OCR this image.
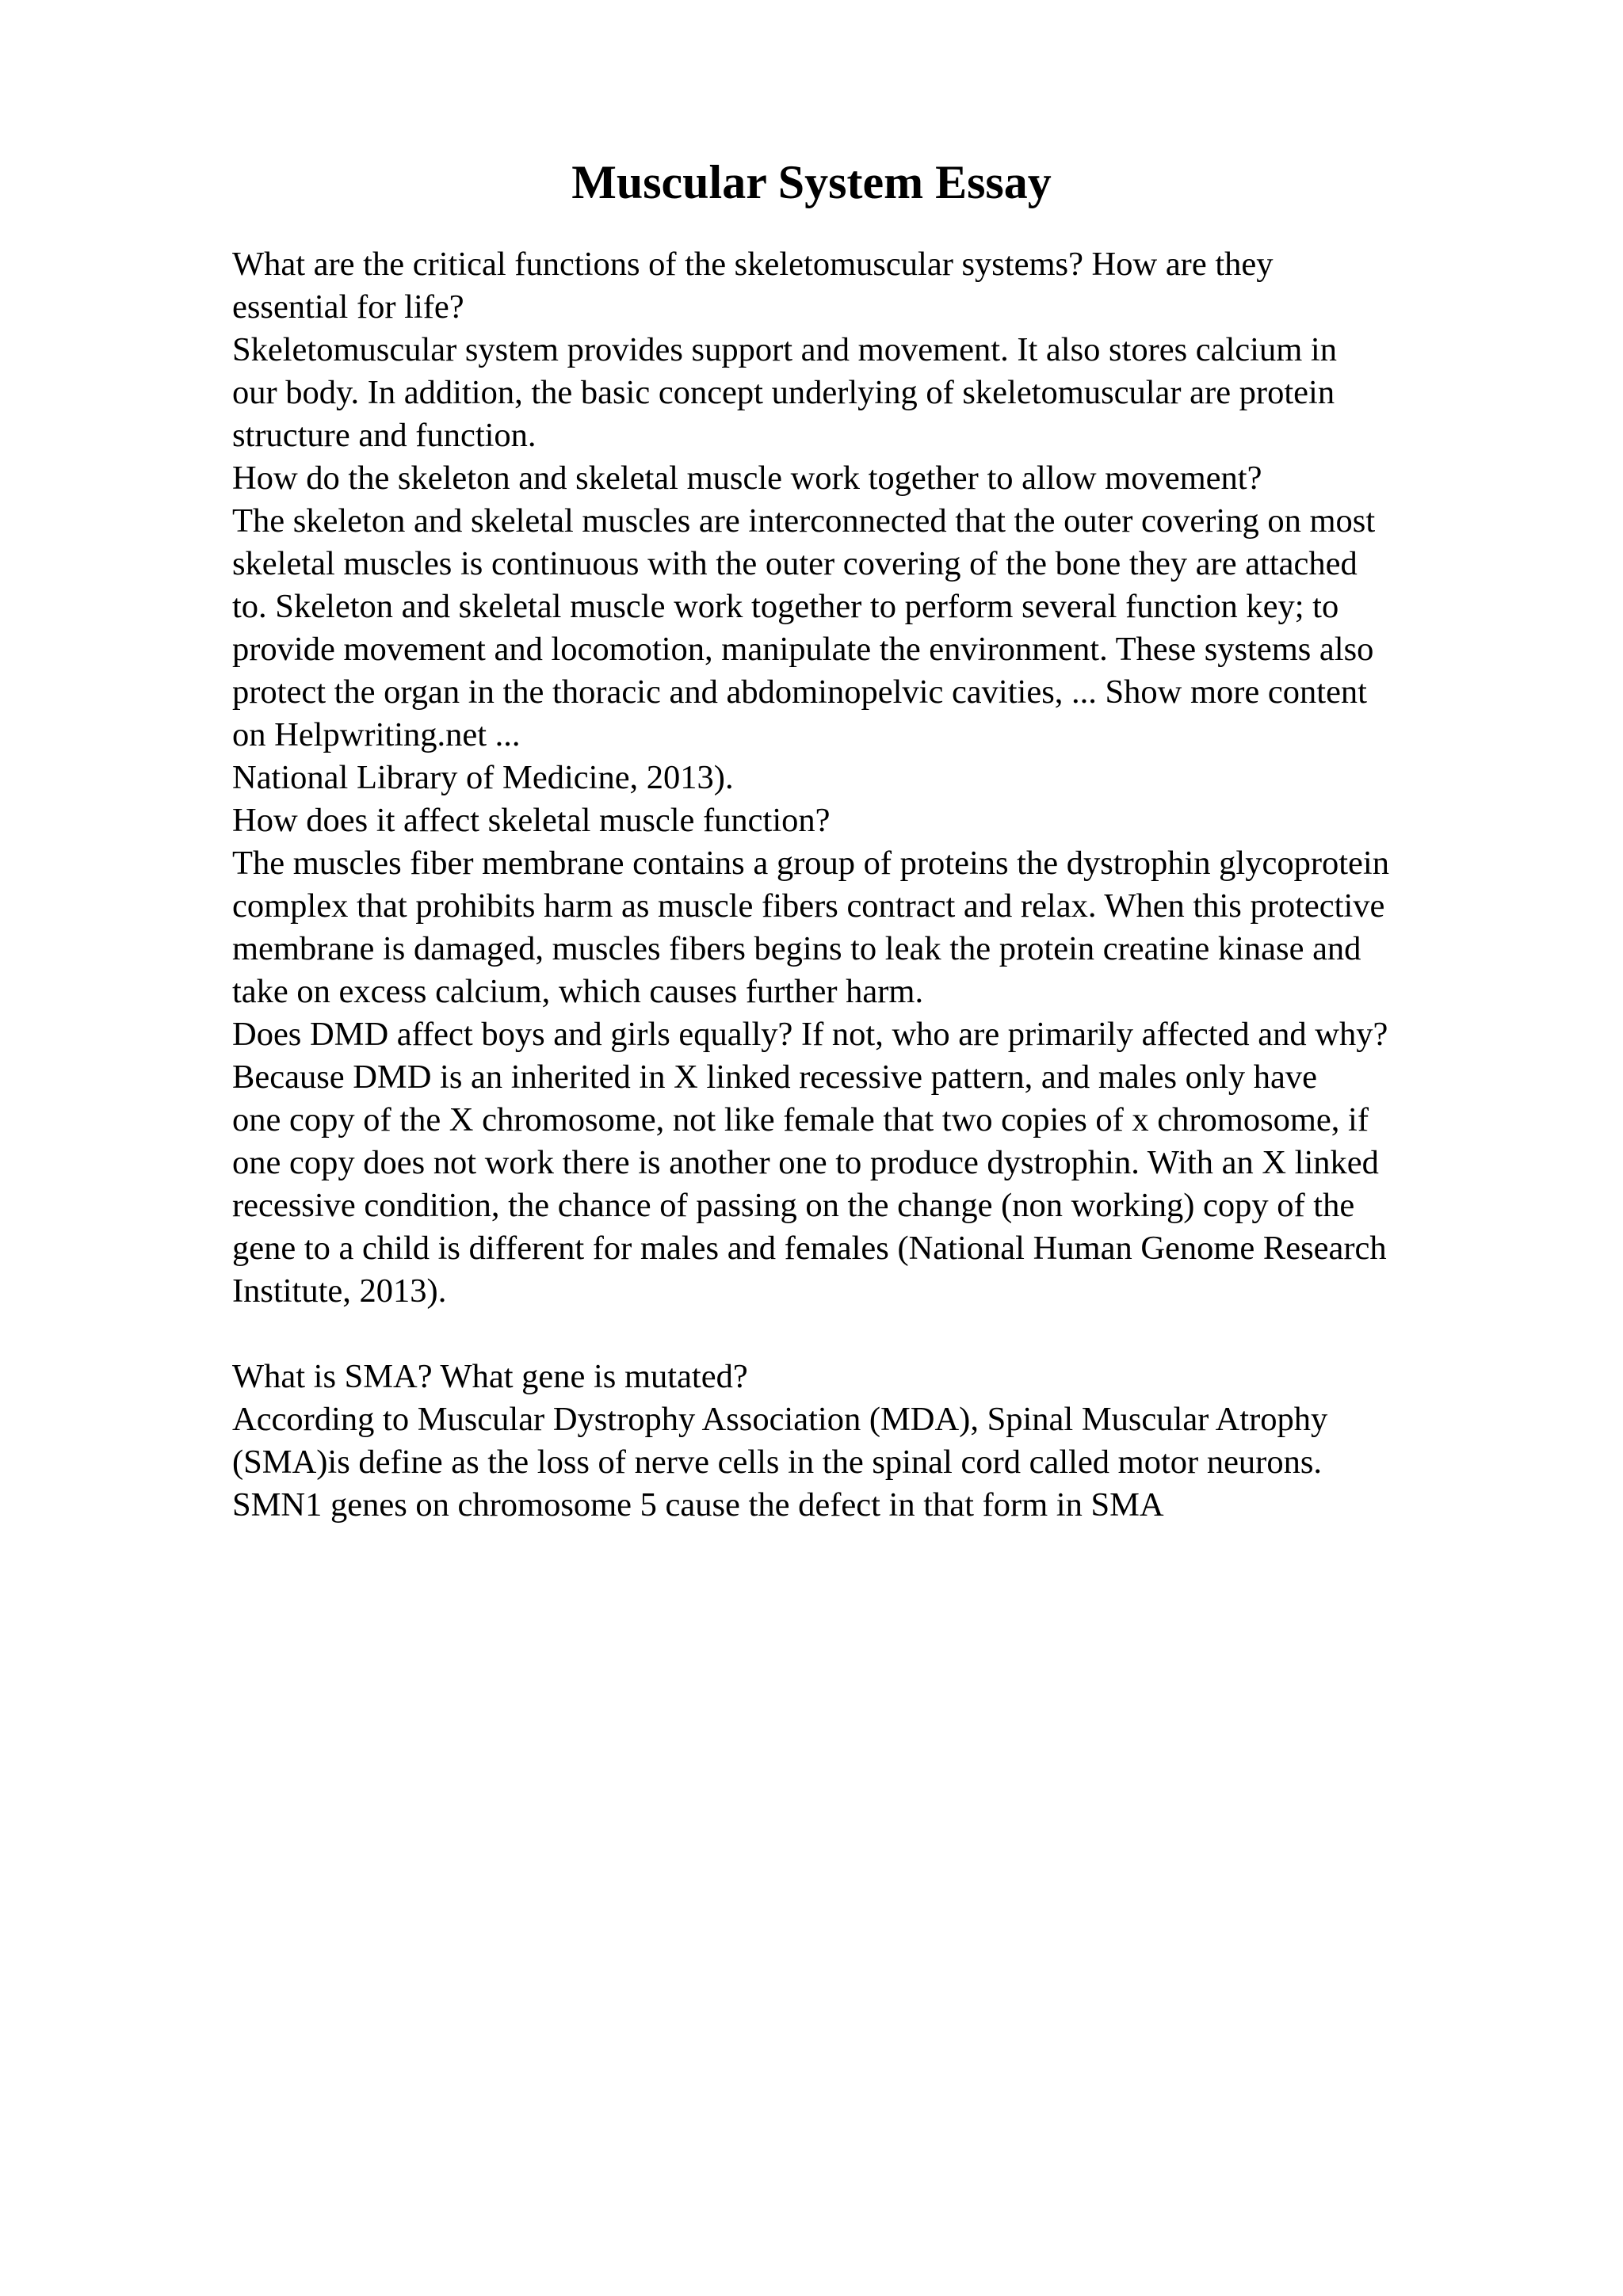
Muscular System Essay
What are the critical functions of the skeletomuscular systems? How are they
essential for life?
Skeletomuscular system provides support and movement. It also stores calcium in
our body. In addition, the basic concept underlying of skeletomuscular are protein
structure and function.
How do the skeleton and skeletal muscle work together to allow movement?
The skeleton and skeletal muscles are interconnected that the outer covering on most
skeletal muscles is continuous with the outer covering of the bone they are attached
to. Skeleton and skeletal muscle work together to perform several function key; to
provide movement and locomotion, manipulate the environment. These systems also
protect the organ in the thoracic and abdominopelvic cavities, ... Show more content
on Helpwriting.net ...
National Library of Medicine, 2013).
How does it affect skeletal muscle function?
The muscles fiber membrane contains a group of proteins the dystrophin glycoprotein
complex that prohibits harm as muscle fibers contract and relax. When this protective
membrane is damaged, muscles fibers begins to leak the protein creatine kinase and
take on excess calcium, which causes further harm.
Does DMD affect boys and girls equally? If not, who are primarily affected and why?
Because DMD is an inherited in X linked recessive pattern, and males only have
one copy of the X chromosome, not like female that two copies of x chromosome, if
one copy does not work there is another one to produce dystrophin. With an X linked
recessive condition, the chance of passing on the change (non working) copy of the
gene to a child is different for males and females (National Human Genome Research
Institute, 2013).
What is SMA? What gene is mutated?
According to Muscular Dystrophy Association (MDA), Spinal Muscular Atrophy
(SMA)is define as the loss of nerve cells in the spinal cord called motor neurons.
SMN1 genes on chromosome 5 cause the defect in that form in SMA
